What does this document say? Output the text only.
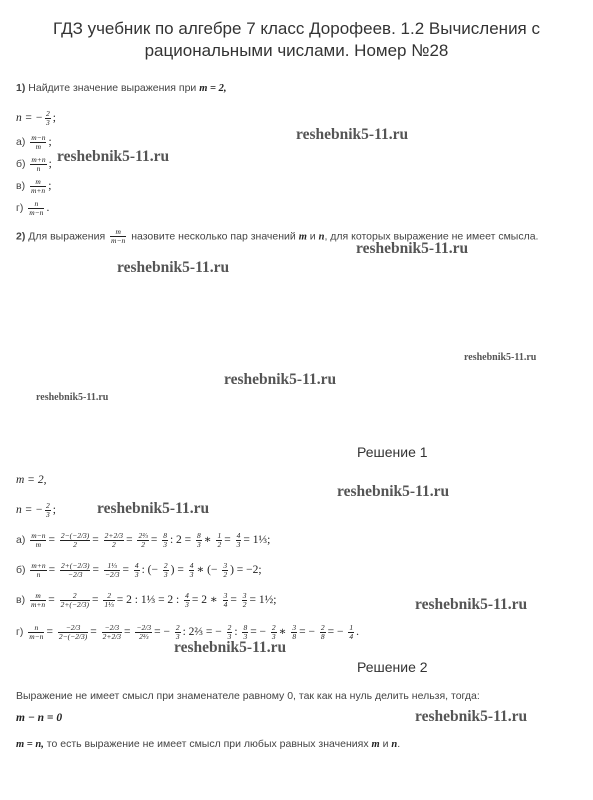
ГДЗ учебник по алгебре 7 класс Дорофеев. 1.2 Вычисления с рациональными числами. Номер №28
1) Найдите значение выражения при m = 2,
n = − $\frac{2}{3}$ ;
$а) \frac{m-n}{m}$ ;
$б) \frac{m+n}{n}$ ;
$в) \frac{m}{m+n}$ ;
$г) \frac{n}{m-n}$ .
2) Для выражения $\frac{m}{m-n}$ назовите несколько пар значений m и n, для которых выражение не имеет смысла.
reshebnik5-11.ru
reshebnik5-11.ru
reshebnik5-11.ru
reshebnik5-11.ru
reshebnik5-11.ru
reshebnik5-11.ru
reshebnik5-11.ru
reshebnik5-11.ru
reshebnik5-11.ru
reshebnik5-11.ru
reshebnik5-11.ru
reshebnik5-11.ru
Решение 1
m = 2,
n = − $\frac{2}{3}$ ;
$а) \frac{m-n}{m} = \frac{2-(-2/3)}{2} = \frac{2+2/3}{2} = \frac{\text{2⅔}}{2} = \frac{8}{3}$ : $2 = \frac{8}{3}$ ∗ $\frac{1}{2} = \frac{4}{3}$ = 1⅓;
$б) \frac{m+n}{n} = \frac{2+(-2/3)}{-2/3} = \frac{\text{1⅓}}{-2/3} = \frac{4}{3}$ : (− $\frac{2}{3}$ ) = $\frac{4}{3}$ ∗ (− $\frac{3}{2}$ ) = −2;
$в) \frac{m}{m+n} = \frac{2}{2+(-2/3)} = \frac{2}{\text{1⅓}} = 2$ : 1⅓ = 2 : $\frac{4}{3} = 2$ ∗ $\frac{3}{4} = \frac{3}{2}$ = 1½;
$г) \frac{n}{m-n} = \frac{-2/3}{2-(-2/3)} = \frac{-2/3}{2+2/3} = \frac{-2/3}{\text{2⅔}}$ = − $\frac{2}{3}$ : 2⅔ = − $\frac{2}{3}$ : $\frac{8}{3}$ = − $\frac{2}{3}$ ∗ $\frac{3}{8}$ = − $\frac{2}{8}$ = − $\frac{1}{4}$ .
Решение 2
Выражение не имеет смысл при знаменателе равному 0, так как на нуль делить нельзя, тогда:
m − n = 0
m = n, то есть выражение не имеет смысл при любых равных значениях m и n.
